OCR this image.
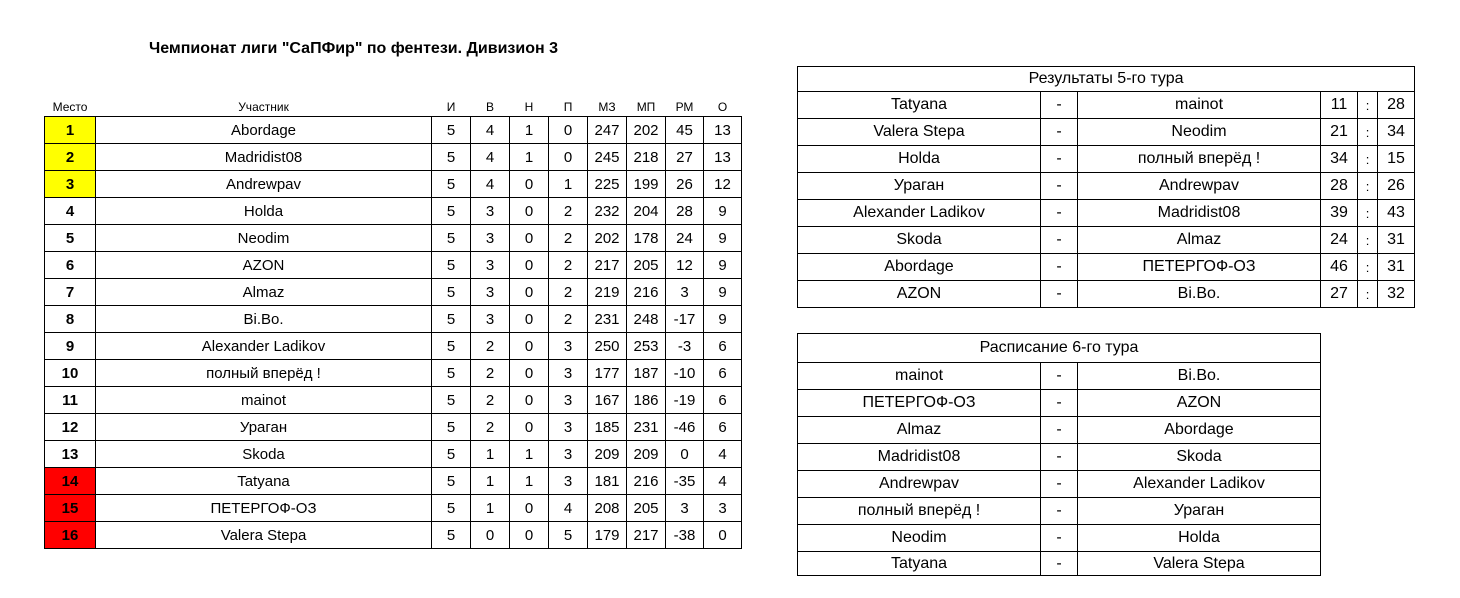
Чемпионат лиги "СаПФир" по фентези. Дивизион 3
Место	Участник	И	В	Н	П	МЗ	МП	РМ	О
1	Abordage	5	4	1	0	247	202	45	13
2	Madridist08	5	4	1	0	245	218	27	13
3	Andrewpav	5	4	0	1	225	199	26	12
4	Holda	5	3	0	2	232	204	28	9
5	Neodim	5	3	0	2	202	178	24	9
6	AZON	5	3	0	2	217	205	12	9
7	Almaz	5	3	0	2	219	216	3	9
8	Bi.Bo.	5	3	0	2	231	248	-17	9
9	Alexander Ladikov	5	2	0	3	250	253	-3	6
10	полный вперёд !	5	2	0	3	177	187	-10	6
11	mainot	5	2	0	3	167	186	-19	6
12	Ураган	5	2	0	3	185	231	-46	6
13	Skoda	5	1	1	3	209	209	0	4
14	Tatyana	5	1	1	3	181	216	-35	4
15	ПЕТЕРГОФ-ОЗ	5	1	0	4	208	205	3	3
16	Valera Stepa	5	0	0	5	179	217	-38	0
Результаты 5-го тура					
Tatyana	-	mainot	11	:	28
Valera Stepa	-	Neodim	21	:	34
Holda	-	полный вперёд !	34	:	15
Ураган	-	Andrewpav	28	:	26
Alexander Ladikov	-	Madridist08	39	:	43
Skoda	-	Almaz	24	:	31
Abordage	-	ПЕТЕРГОФ-ОЗ	46	:	31
AZON	-	Bi.Bo.	27	:	32
Расписание 6-го тура		
mainot	-	Bi.Bo.
ПЕТЕРГОФ-ОЗ	-	AZON
Almaz	-	Abordage
Madridist08	-	Skoda
Andrewpav	-	Alexander Ladikov
полный вперёд !	-	Ураган
Neodim	-	Holda
Tatyana	-	Valera Stepa
